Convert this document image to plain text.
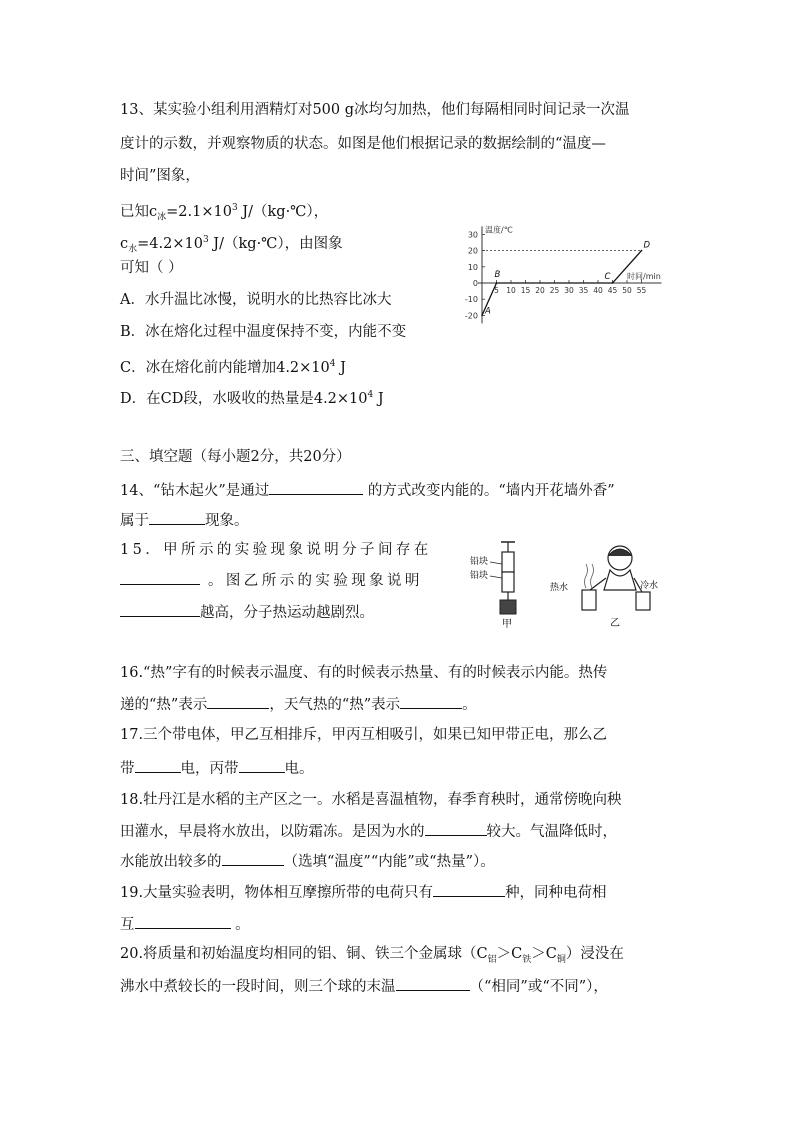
13、某实验小组利用酒精灯对500 g冰均匀加热，他们每隔相同时间记录一次温
度计的示数，并观察物质的状态。如图是他们根据记录的数据绘制的“温度—
时间”图象，
已知$c_冰=2.1\times 10^3$ J/（kg·℃），
$c_水=4.2\times 10^3$ J/（kg·℃），由图象
可知（ ）
A．水升温比冰慢，说明水的比热容比冰大
B．冰在熔化过程中温度保持不变，内能不变
C．冰在熔化前内能增加$4.2\times 10^4$ J
D．在CD段，水吸收的热量是$4.2\times 10^4$ J
温度/℃
时间/min
30
20
10
0
-10
-20
5 10 15 20 25 30 35 40 45 50 55
A
B	C
D
三、填空题（每小题2分，共20分）
14、“钻木起火”是通过	的方式改变内能的。“墙内开花墙外香”
属于	现象。
15．甲所示的实验现象说明分子间存在
。图乙所示的实验现象说明
越高，分子热运动越剧烈。
铅块
铅块
甲
热水	冷水
乙
16.“热”字有的时候表示温度、有的时候表示热量、有的时候表示内能。热传
递的“热”表示	，天气热的“热”表示	。
17.三个带电体，甲乙互相排斥，甲丙互相吸引，如果已知甲带正电，那么乙
带	电，丙带	电。
18.牡丹江是水稻的主产区之一。水稻是喜温植物，春季育秧时，通常傍晚向秧
田灌水，早晨将水放出，以防霜冻。是因为水的	较大。气温降低时，
水能放出较多的	（选填“温度”“内能”或“热量”）。
19.大量实验表明，物体相互摩擦所带的电荷只有	种，同种电荷相
互	。
20.将质量和初始温度均相同的铝、铜、铁三个金属球$(C_铝>C_铁>C_铜)$浸没在
沸水中煮较长的一段时间，则三个球的末温	（“相同”或“不同”），
